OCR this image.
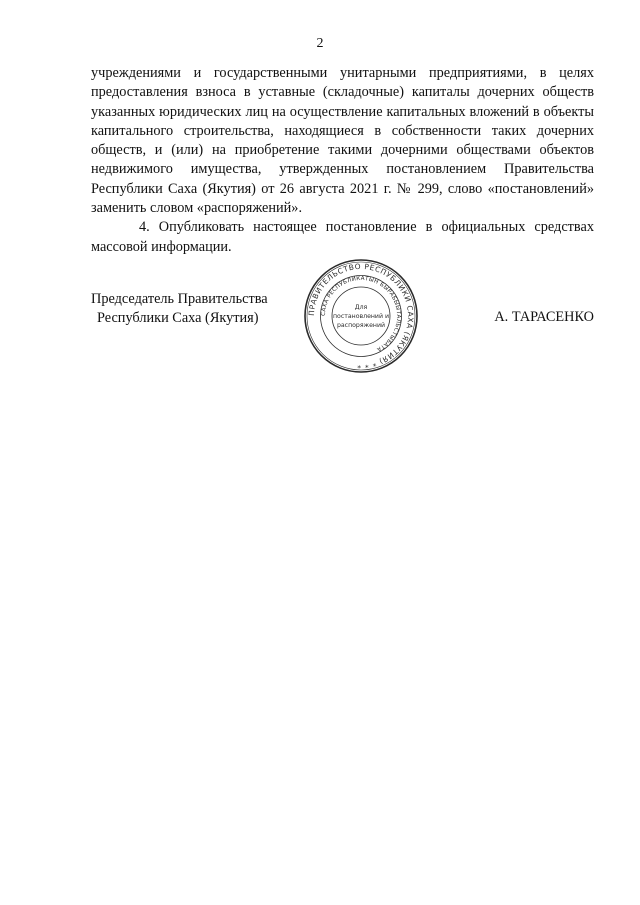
2

учреждениями и государственными унитарными предприятиями, в целях предоставления взноса в уставные (складочные) капиталы дочерних обществ указанных юридических лиц на осуществление капитальных вложений в объекты капитального строительства, находящиеся в собственности таких дочерних обществ, и (или) на приобретение такими дочерними обществами объектов недвижимого имущества, утвержденных постановлением Правительства Республики Саха (Якутия) от 26 августа 2021 г. № 299, слово «постановлений» заменить словом «распоряжений».

4. Опубликовать настоящее постановление в официальных средствах массовой информации.

Председатель Правительства
Республики Саха (Якутия)	ПРАВИТЕЛЬСТВО РЕСПУБЛИКИ САХА (ЯКУТИЯ) * * *
САХА РЕСПУБЛИКАТЫН БЫРАБЫЫТАЛЬСТЫБАТА
Для
постановлений и
распоряжений
А. ТАРАСЕНКО
